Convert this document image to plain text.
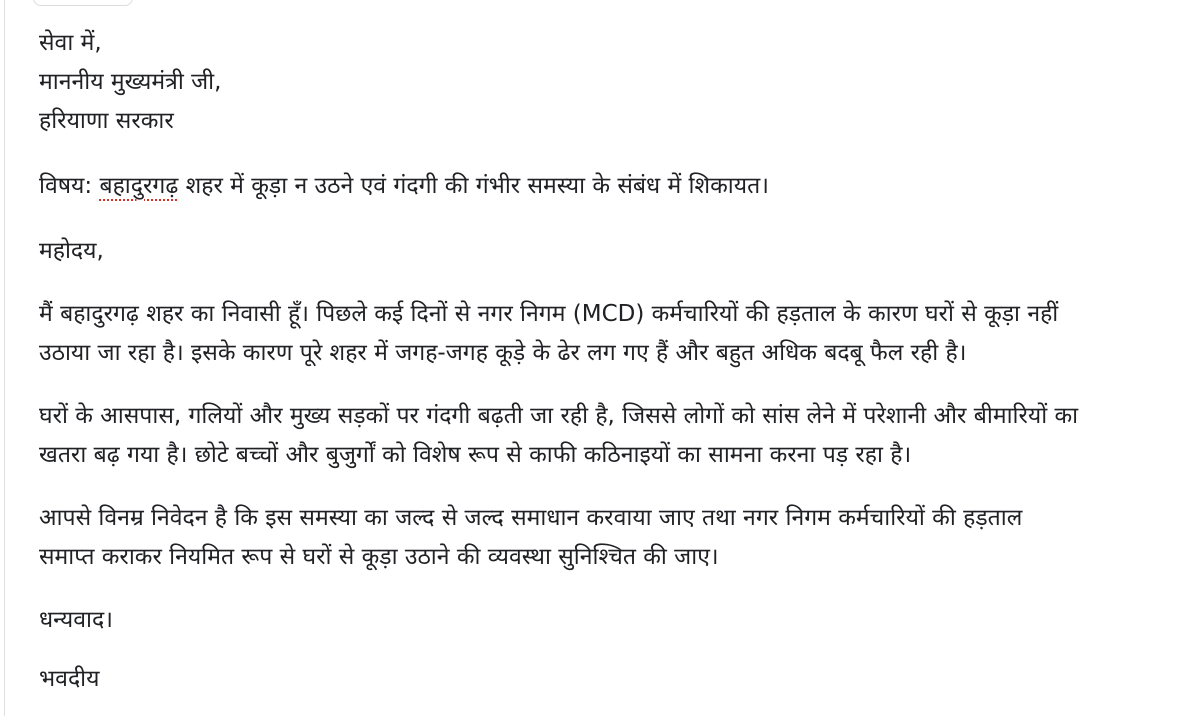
सेवा में,
माननीय मुख्यमंत्री जी,
हरियाणा सरकार
विषय: बहादुरगढ़ शहर में कूड़ा न उठने एवं गंदगी की गंभीर समस्या के संबंध में शिकायत।
महोदय,
मैं बहादुरगढ़ शहर का निवासी हूँ। पिछले कई दिनों से नगर निगम (MCD) कर्मचारियों की हड़ताल के कारण घरों से कूड़ा नहीं
उठाया जा रहा है। इसके कारण पूरे शहर में जगह-जगह कूड़े के ढेर लग गए हैं और बहुत अधिक बदबू फैल रही है।
घरों के आसपास, गलियों और मुख्य सड़कों पर गंदगी बढ़ती जा रही है, जिससे लोगों को सांस लेने में परेशानी और बीमारियों का
खतरा बढ़ गया है। छोटे बच्चों और बुजुर्गों को विशेष रूप से काफी कठिनाइयों का सामना करना पड़ रहा है।
आपसे विनम्र निवेदन है कि इस समस्या का जल्द से जल्द समाधान करवाया जाए तथा नगर निगम कर्मचारियों की हड़ताल
समाप्त कराकर नियमित रूप से घरों से कूड़ा उठाने की व्यवस्था सुनिश्चित की जाए।
धन्यवाद।
भवदीय
